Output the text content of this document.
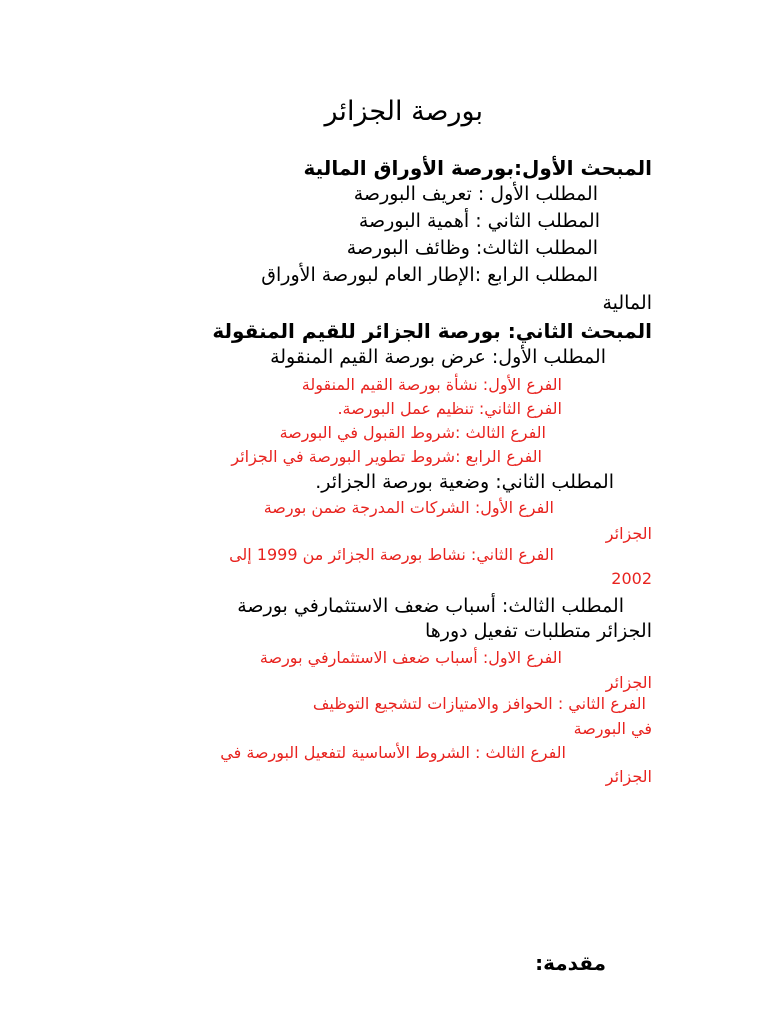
بورصة الجزائر
المبحث الأول:بورصة الأوراق المالية
المطلب الأول : تعريف البورصة
المطلب الثاني : أهمية البورصة
المطلب الثالث: وظائف البورصة
المطلب الرابع :الإطار العام لبورصة الأوراق
المالية
المبحث الثاني: بورصة الجزائر للقيم المنقولة
المطلب الأول: عرض بورصة القيم المنقولة
الفرع الأول: نشأة بورصة القيم المنقولة
الفرع الثاني: تنظيم عمل البورصة.
الفرع الثالث :شروط القبول في البورصة
الفرع الرابع :شروط تطوير البورصة في الجزائر
المطلب الثاني: وضعية بورصة الجزائر.
الفرع الأول: الشركات المدرجة ضمن بورصة
الجزائر
الفرع الثاني: نشاط بورصة الجزائر من 1999 إلى
2002
المطلب الثالث: أسباب ضعف الاستثمارفي بورصة
الجزائر متطلبات تفعيل دورها
الفرع الاول: أسباب ضعف الاستثمارفي بورصة
الجزائر
الفرع الثاني : الحوافز والامتيازات لتشجيع التوظيف
في البورصة
الفرع الثالث : الشروط الأساسية لتفعيل البورصة في
الجزائر
مقدمة:
